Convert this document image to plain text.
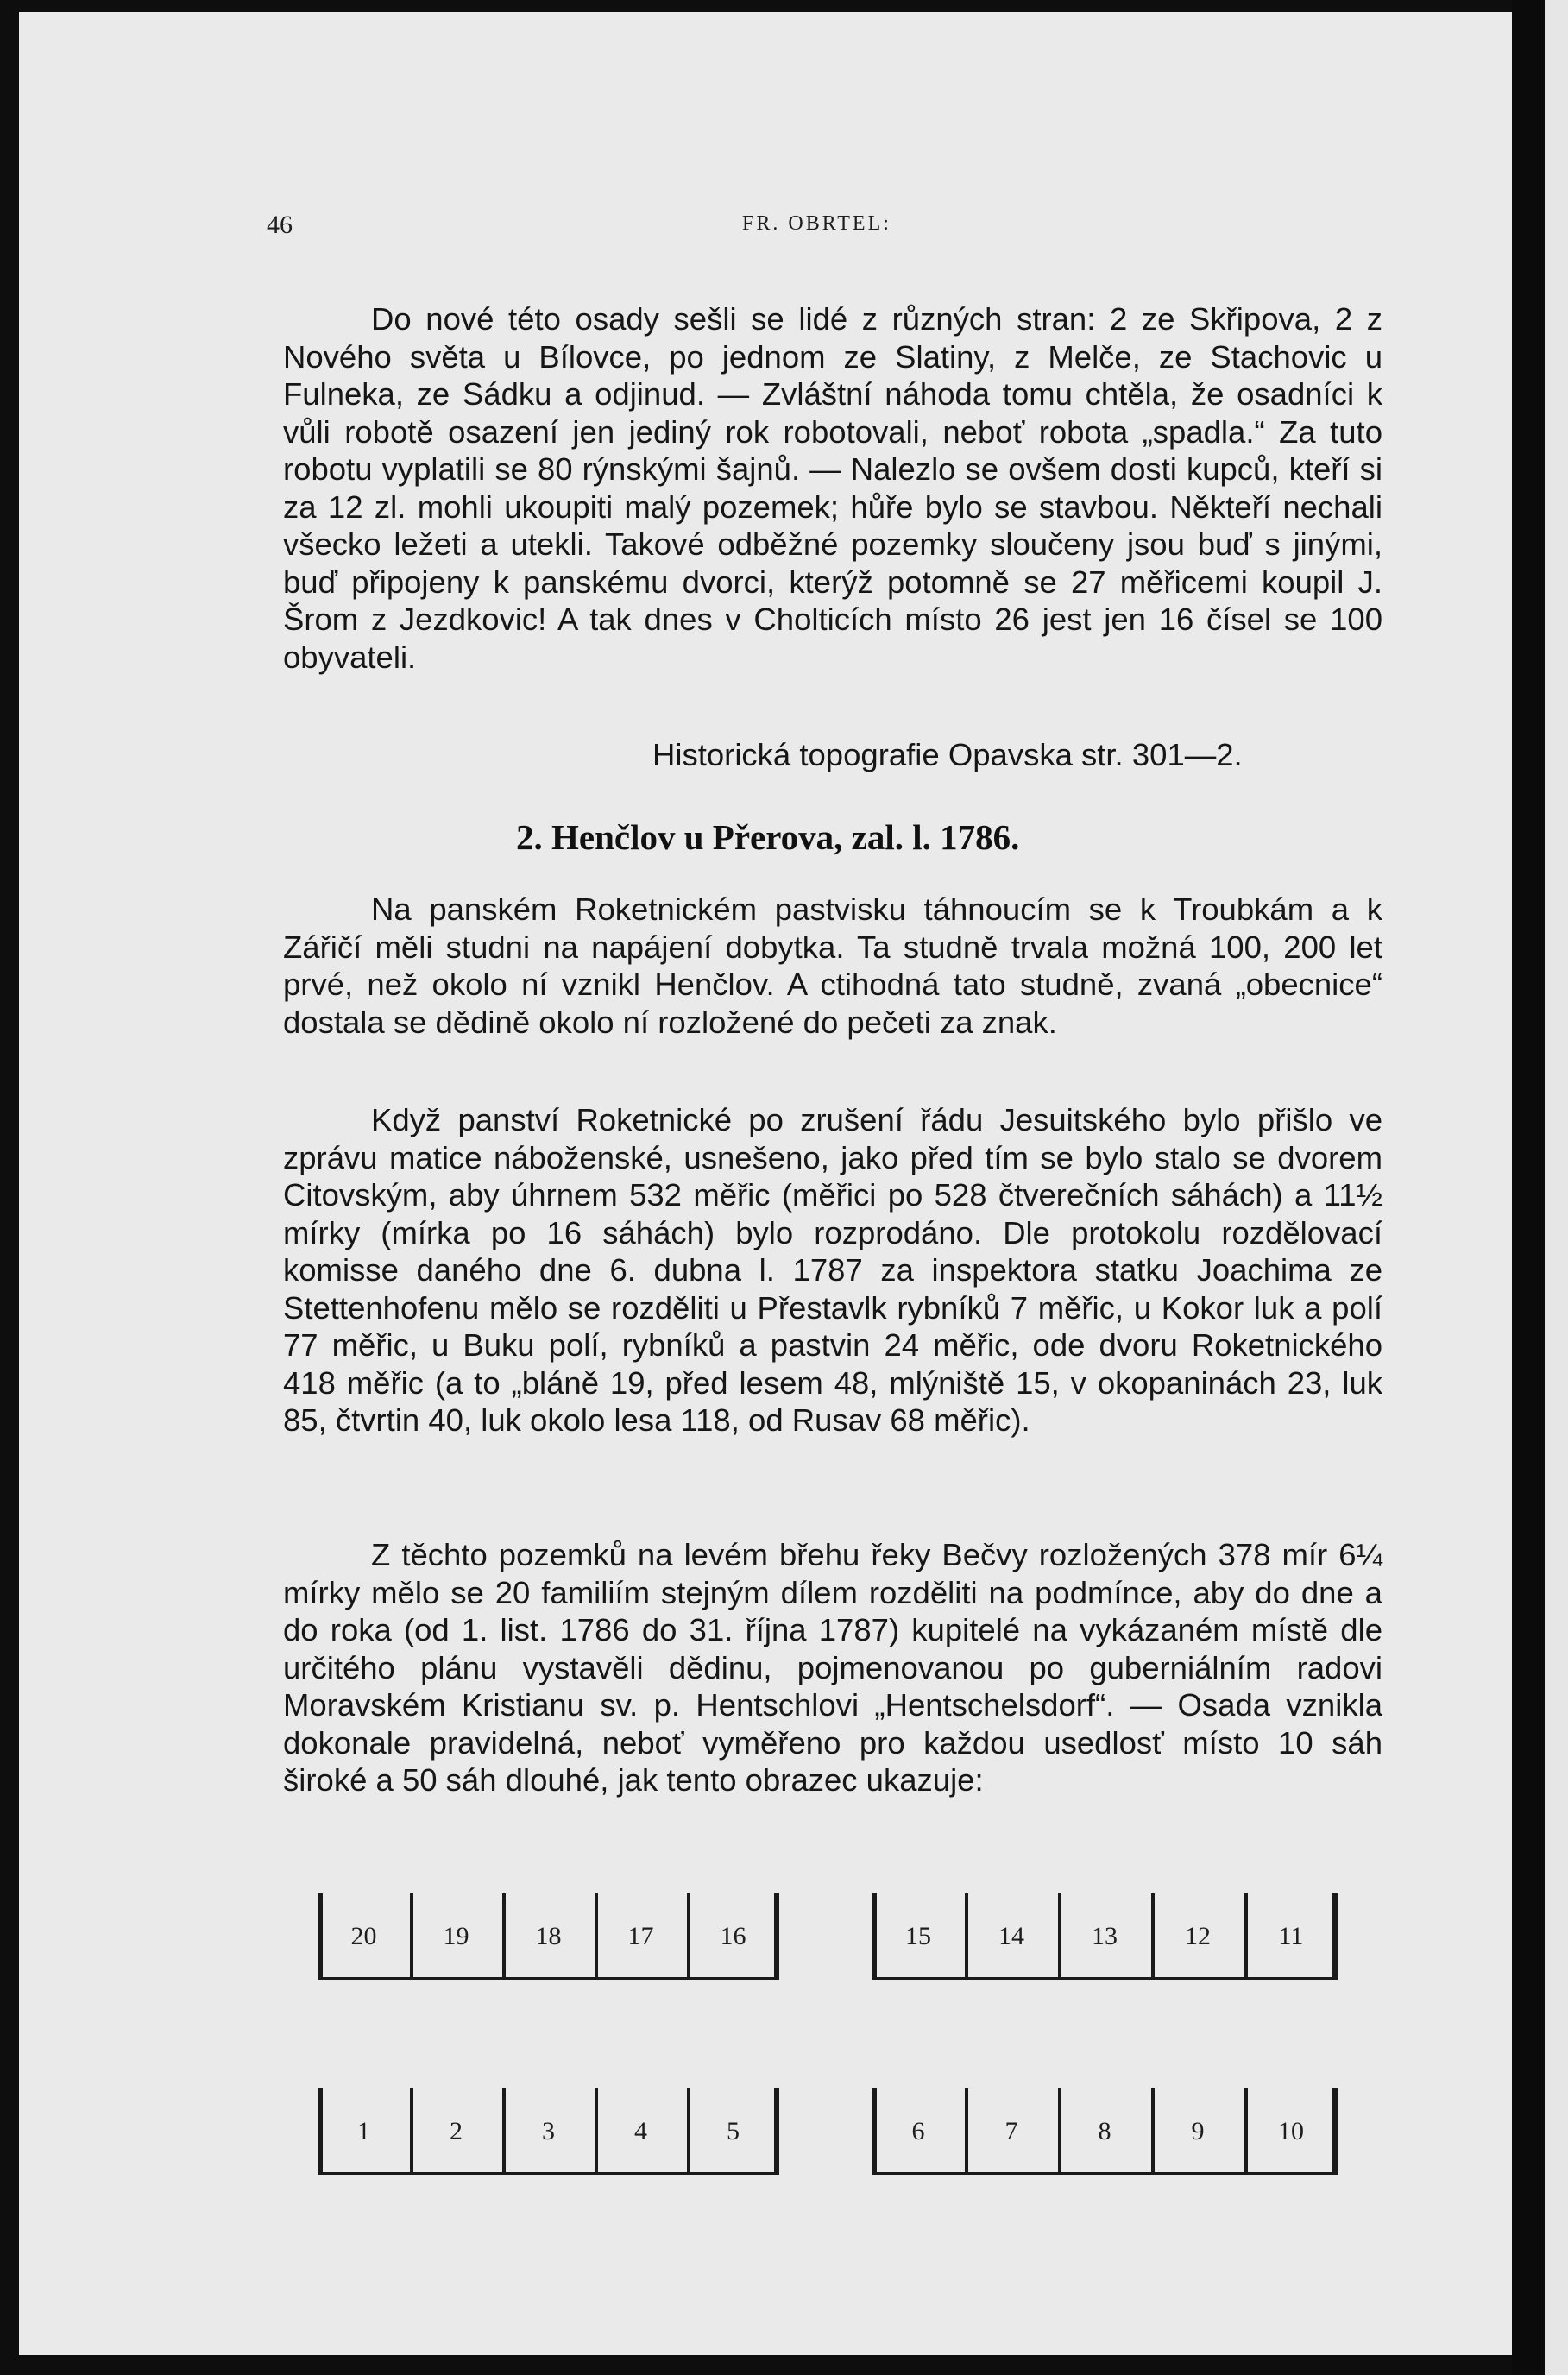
46	FR. OBRTEL:

Do nové této osady sešli se lidé z různých stran: 2 ze Skřipova, 2 z Nového světa u Bílovce, po jednom ze Slatiny, z Melče, ze Stachovic u Fulneka, ze Sádku a odjinud. — Zvláštní náhoda tomu chtěla, že osadníci k vůli robotě osazení jen jediný rok robotovali, neboť robota „spadla.“ Za tuto robotu vyplatili se 80 rýnskými šajnů. — Nalezlo se ovšem dosti kupců, kteří si za 12 zl. mohli ukoupiti malý pozemek; hůře bylo se stavbou. Někteří nechali všecko ležeti a utekli. Takové odběžné pozemky sloučeny jsou buď s jinými, buď připojeny k panskému dvorci, kterýž potomně se 27 měřicemi koupil J. Šrom z Jezdkovic! A tak dnes v Cholticích místo 26 jest jen 16 čísel se 100 obyvateli.

Historická topografie Opavska str. 301—2.
2. Henčlov u Přerova, zal. l. 1786.

Na panském Roketnickém pastvisku táhnoucím se k Troubkám a k Zářičí měli studni na napájení dobytka. Ta studně trvala možná 100, 200 let prvé, než okolo ní vznikl Henčlov. A ctihodná tato studně, zvaná „obecnice“ dostala se dědině okolo ní rozložené do pečeti za znak.

Když panství Roketnické po zrušení řádu Jesuitského bylo přišlo ve zprávu matice náboženské, usnešeno, jako před tím se bylo stalo se dvorem Citovským, aby úhrnem 532 měřic (měřici po 528 čtverečních sáhách) a 11½ mírky (mírka po 16 sáhách) bylo rozprodáno. Dle protokolu rozdělovací komisse daného dne 6. dubna l. 1787 za inspektora statku Joachima ze Stettenhofenu mělo se rozděliti u Přestavlk rybníků 7 měřic, u Kokor luk a polí 77 měřic, u Buku polí, rybníků a pastvin 24 měřic, ode dvoru Roketnického 418 měřic (a to „bláně 19, před lesem 48, mlýniště 15, v okopaninách 23, luk 85, čtvrtin 40, luk okolo lesa 118, od Rusav 68 měřic).

Z těchto pozemků na levém břehu řeky Bečvy rozložených 378 mír 6¼ mírky mělo se 20 familiím stejným dílem rozděliti na podmínce, aby do dne a do roka (od 1. list. 1786 do 31. října 1787) kupitelé na vykázaném místě dle určitého plánu vystavěli dědinu, pojmenovanou po guberniálním radovi Moravském Kristianu sv. p. Hentschlovi „Hentschelsdorf“. — Osada vznikla dokonale pravidelná, neboť vyměřeno pro každou usedlosť místo 10 sáh široké a 50 sáh dlouhé, jak tento obrazec ukazuje:

20	19	18	17	16	15	14	13	12	11
1	2	3	4	5	6	7	8	9	10
